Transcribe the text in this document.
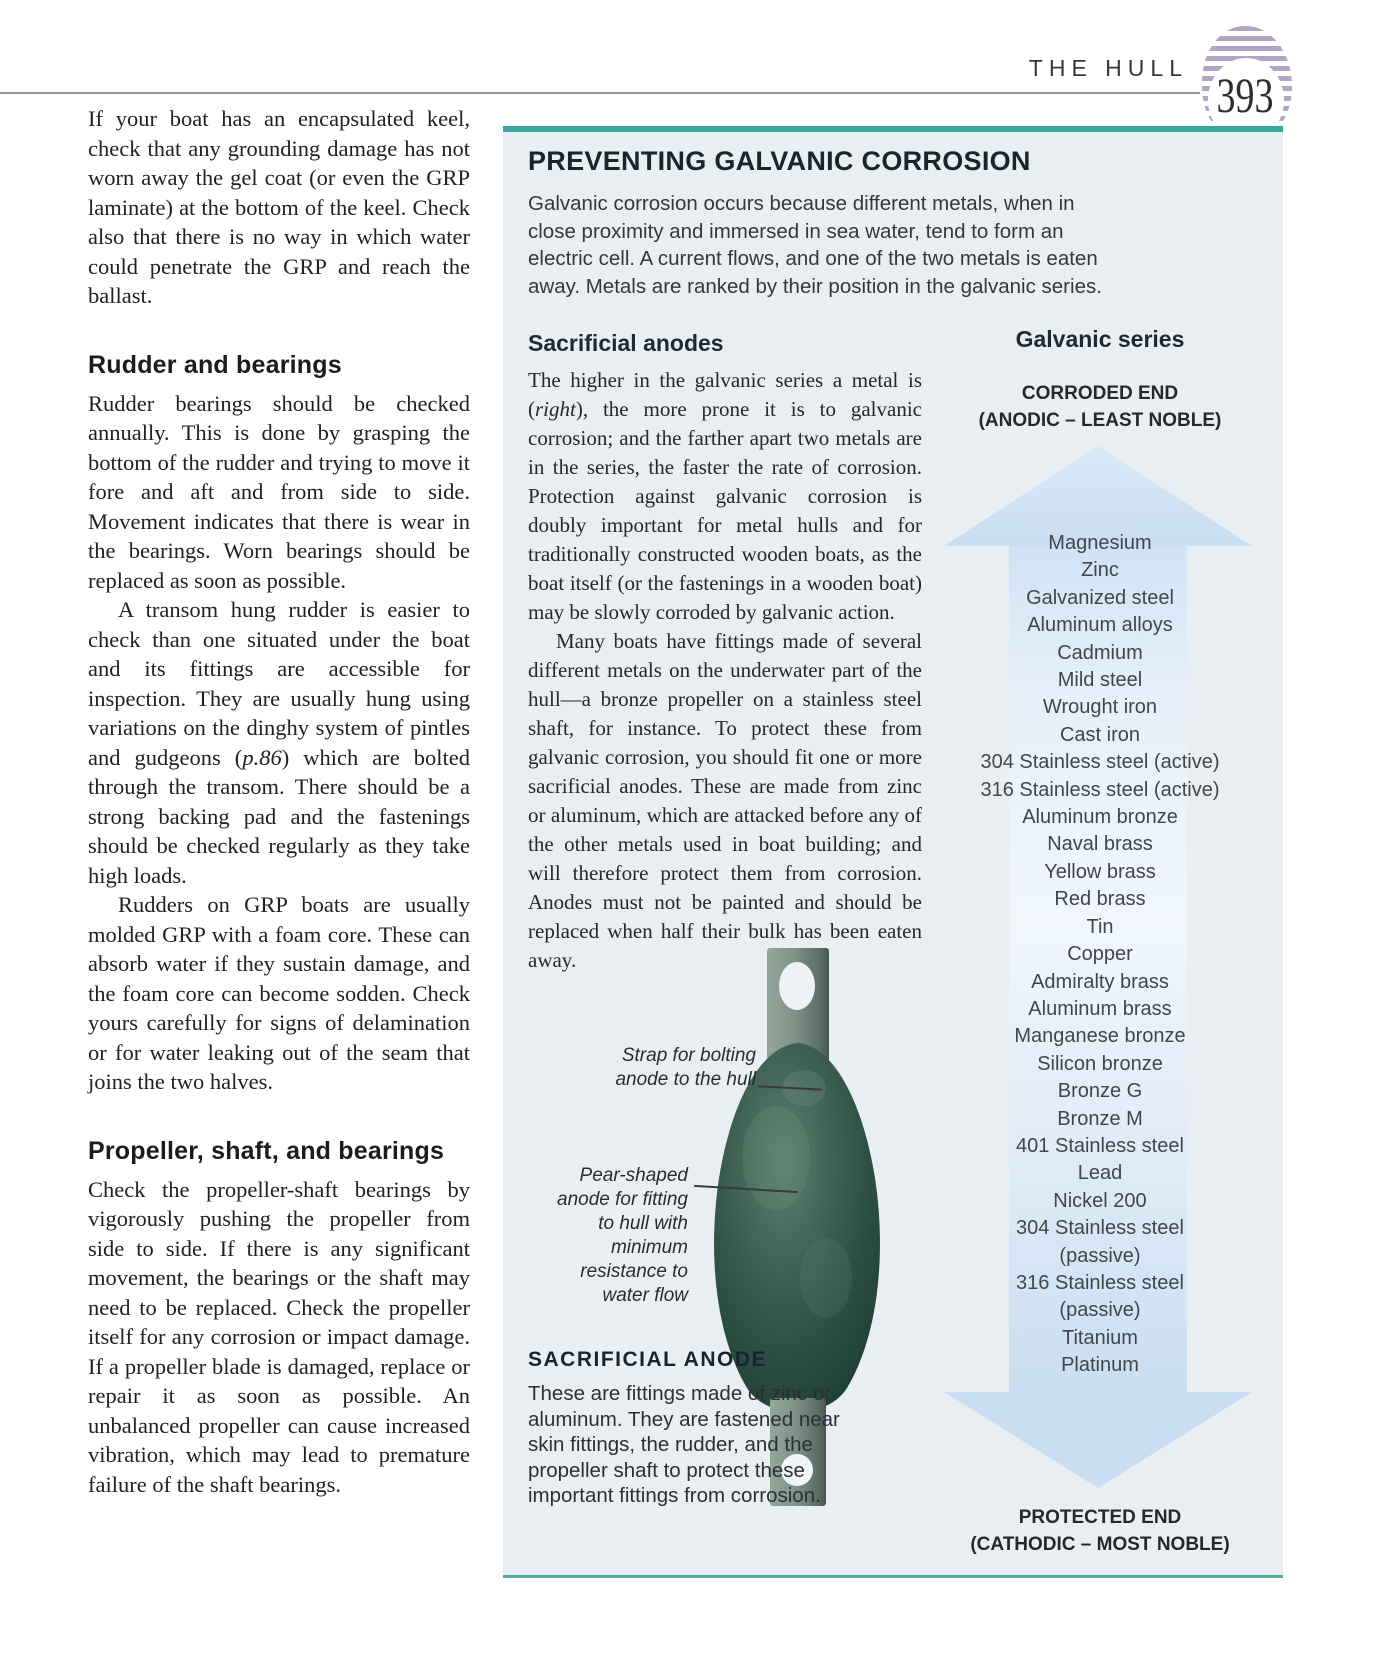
THE HULL 393

If your boat has an encapsulated keel, check that any grounding damage has not worn away the gel coat (or even the GRP laminate) at the bottom of the keel. Check also that there is no way in which water could penetrate the GRP and reach the ballast.

Rudder and bearings

Rudder bearings should be checked annually. This is done by grasping the bottom of the rudder and trying to move it fore and aft and from side to side. Movement indicates that there is wear in the bearings. Worn bearings should be replaced as soon as possible.

A transom hung rudder is easier to check than one situated under the boat and its fittings are accessible for inspection. They are usually hung using variations on the dinghy system of pintles and gudgeons (p.86) which are bolted through the transom. There should be a strong backing pad and the fastenings should be checked regularly as they take high loads.

Rudders on GRP boats are usually molded GRP with a foam core. These can absorb water if they sustain damage, and the foam core can become sodden. Check yours carefully for signs of delamination or for water leaking out of the seam that joins the two halves.

Propeller, shaft, and bearings

Check the propeller-shaft bearings by vigorously pushing the propeller from side to side. If there is any significant movement, the bearings or the shaft may need to be replaced. Check the propeller itself for any corrosion or impact damage. If a propeller blade is damaged, replace or repair it as soon as possible. An unbalanced propeller can cause increased vibration, which may lead to premature failure of the shaft bearings.

PREVENTING GALVANIC CORROSION
Galvanic corrosion occurs because different metals, when in close proximity and immersed in sea water, tend to form an electric cell. A current flows, and one of the two metals is eaten away. Metals are ranked by their position in the galvanic series.
Sacrificial anodes

The higher in the galvanic series a metal is (right), the more prone it is to galvanic corrosion; and the farther apart two metals are in the series, the faster the rate of corrosion. Protection against galvanic corrosion is doubly important for metal hulls and for traditionally constructed wooden boats, as the boat itself (or the fastenings in a wooden boat) may be slowly corroded by galvanic action.

Many boats have fittings made of several different metals on the underwater part of the hull—a bronze propeller on a stainless steel shaft, for instance. To protect these from galvanic corrosion, you should fit one or more sacrificial anodes. These are made from zinc or aluminum, which are attacked before any of the other metals used in boat building; and will therefore protect them from corrosion. Anodes must not be painted and should be replaced when half their bulk has been eaten away.

Galvanic series
CORRODED END
(ANODIC – LEAST NOBLE)
Magnesium
Zinc
Galvanized steel
Aluminum alloys
Cadmium
Mild steel
Wrought iron
Cast iron
304 Stainless steel (active)
316 Stainless steel (active)
Aluminum bronze
Naval brass
Yellow brass
Red brass
Tin
Copper
Admiralty brass
Aluminum brass
Manganese bronze
Silicon bronze
Bronze G
Bronze M
401 Stainless steel
Lead
Nickel 200
304 Stainless steel
(passive)
316 Stainless steel
(passive)
Titanium
Platinum
PROTECTED END
(CATHODIC – MOST NOBLE)
Strap for bolting anode to the hull
Pear-shaped anode for fitting to hull with minimum resistance to water flow
SACRIFICIAL ANODE

These are fittings made of zinc or aluminum. They are fastened near skin fittings, the rudder, and the propeller shaft to protect these important fittings from corrosion.
